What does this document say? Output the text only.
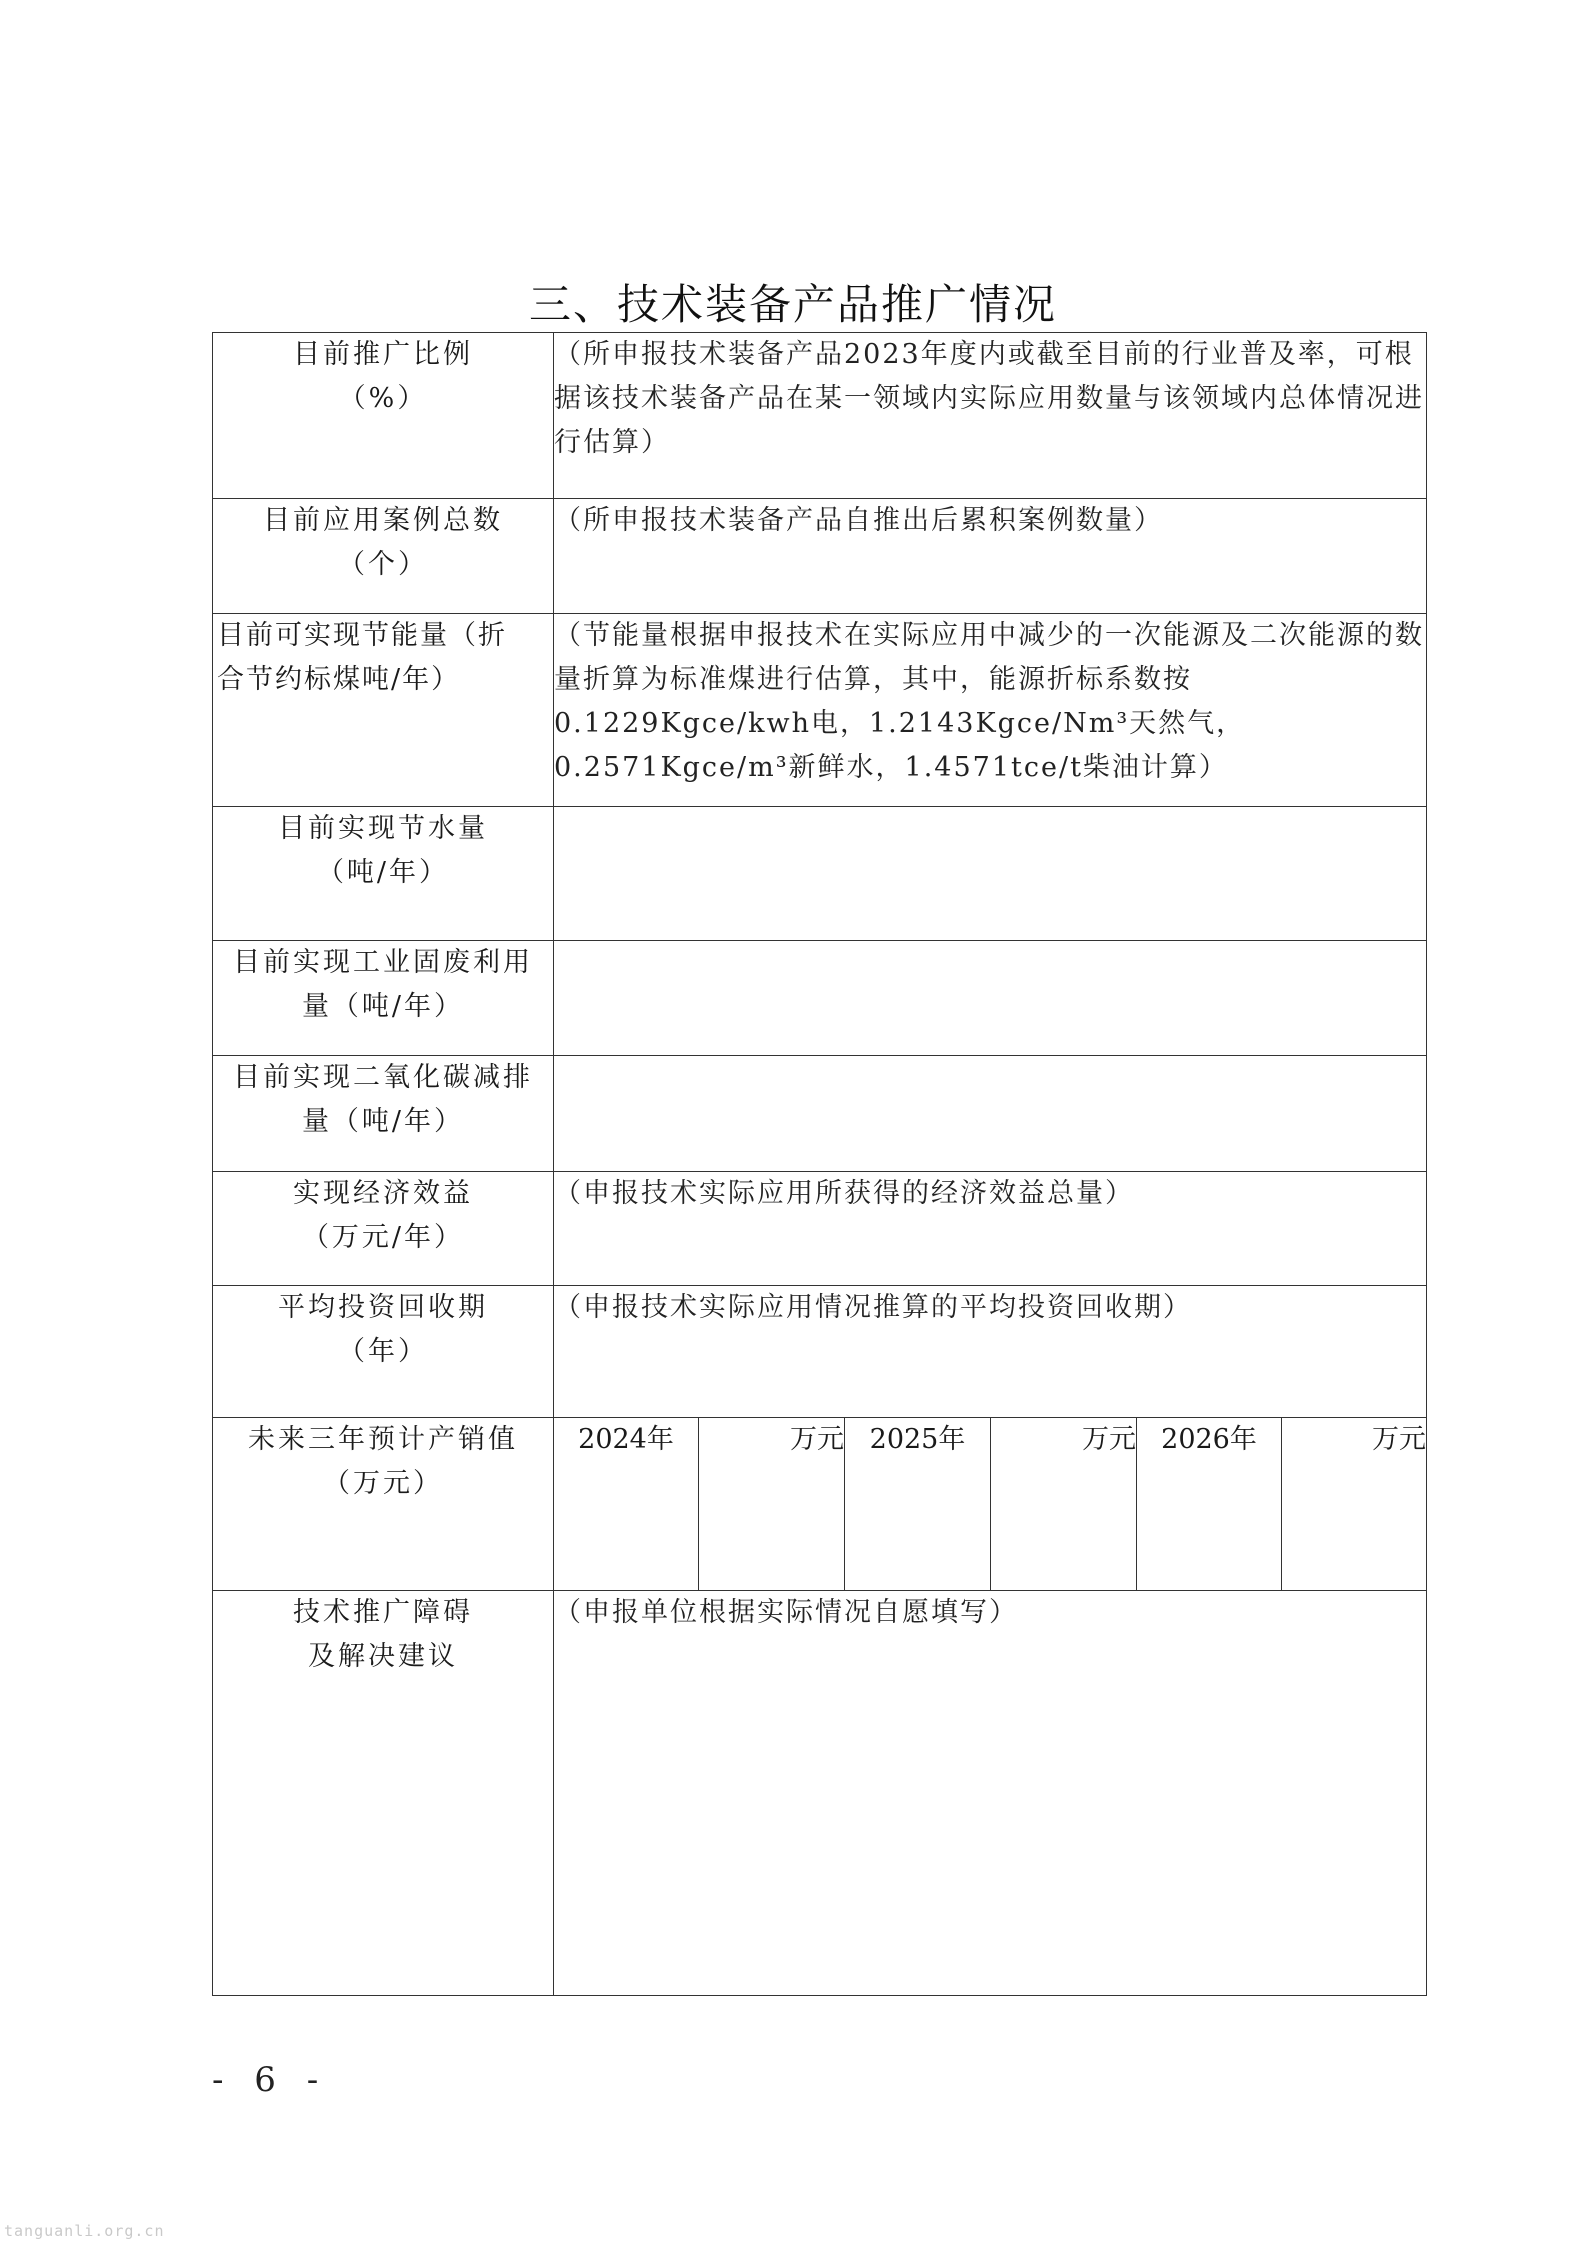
三、技术装备产品推广情况
目前推广比例
（%）	（所申报技术装备产品2023年度内或截至目前的行业普及率，可根据该技术装备产品在某一领域内实际应用数量与该领域内总体情况进行估算）					

目前应用案例总数
（个）	（所申报技术装备产品自推出后累积案例数量）					

目前可实现节能量（折
合节约标煤吨/年）	（节能量根据申报技术在实际应用中减少的一次能源及二次能源的数量折算为标准煤进行估算，其中，能源折标系数按0.1229Kgce/kwh电，1.2143Kgce/Nm³天然气，0.2571Kgce/m³新鲜水，1.4571tce/t柴油计算）					

目前实现节水量
（吨/年）						

目前实现工业固废利用
量（吨/年）						

目前实现二氧化碳减排
量（吨/年）						

实现经济效益
（万元/年）	（申报技术实际应用所获得的经济效益总量）					

平均投资回收期
（年）	（申报技术实际应用情况推算的平均投资回收期）					

未来三年预计产销值
（万元）	2024年	万元	2025年	万元	2026年	万元

技术推广障碍
及解决建议	（申报单位根据实际情况自愿填写）					
- 6 -
tanguanli.org.cn
